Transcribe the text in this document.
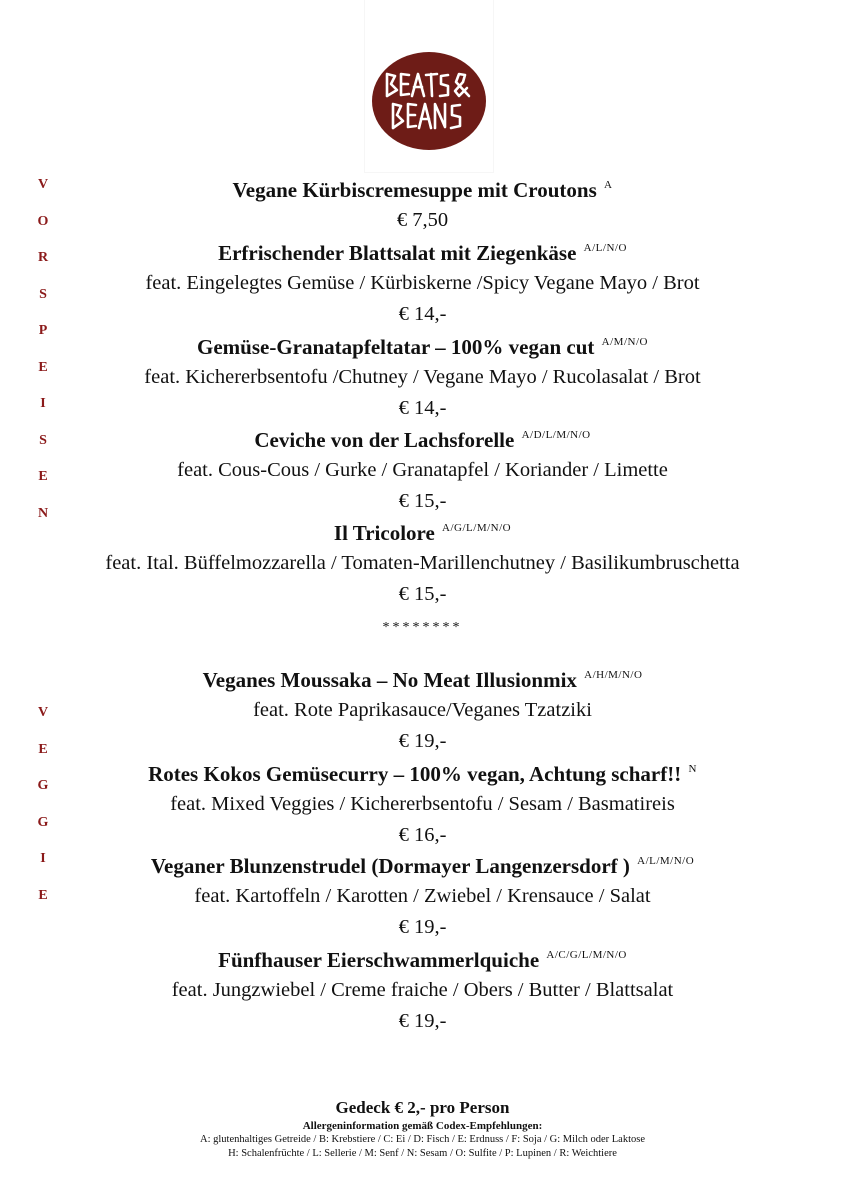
V
O
R
S
P
E
I
S
E
N
V
E
G
G
I
E
Vegane Kürbiscremesuppe mit Croutons $^A$
€ 7,50
Erfrischender Blattsalat mit Ziegenkäse $^{A/L/N/O}$
feat. Eingelegtes Gemüse / Kürbiskerne /Spicy Vegane Mayo / Brot
€ 14,-
Gemüse-Granatapfeltatar – 100% vegan cut $^{A/M/N/O}$
feat. Kichererbsentofu /Chutney / Vegane Mayo / Rucolasalat / Brot
€ 14,-
Ceviche von der Lachsforelle $^{A/D/L/M/N/O}$
feat. Cous-Cous / Gurke / Granatapfel / Koriander / Limette
€ 15,-
Il Tricolore $^{A/G/L/M/N/O}$
feat. Ital. Büffelmozzarella / Tomaten-Marillenchutney / Basilikumbruschetta
€ 15,-
********
Veganes Moussaka – No Meat Illusionmix $^{A/H/M/N/O}$
feat. Rote Paprikasauce/Veganes Tzatziki
€ 19,-
Rotes Kokos Gemüsecurry – 100% vegan, Achtung scharf!! $^N$
feat. Mixed Veggies / Kichererbsentofu / Sesam / Basmatireis
€ 16,-
Veganer Blunzenstrudel (Dormayer Langenzersdorf ) $^{A/L/M/N/O}$
feat. Kartoffeln / Karotten / Zwiebel / Krensauce / Salat
€ 19,-
Fünfhauser Eierschwammerlquiche $^{A/C/G/L/M/N/O}$
feat. Jungzwiebel / Creme fraiche / Obers / Butter / Blattsalat
€ 19,-
Gedeck € 2,- pro Person
Allergeninformation gemäß Codex-Empfehlungen:
A: glutenhaltiges Getreide / B: Krebstiere / C: Ei / D: Fisch / E: Erdnuss / F: Soja / G: Milch oder Laktose
H: Schalenfrüchte / L: Sellerie / M: Senf / N: Sesam / O: Sulfite / P: Lupinen / R: Weichtiere
